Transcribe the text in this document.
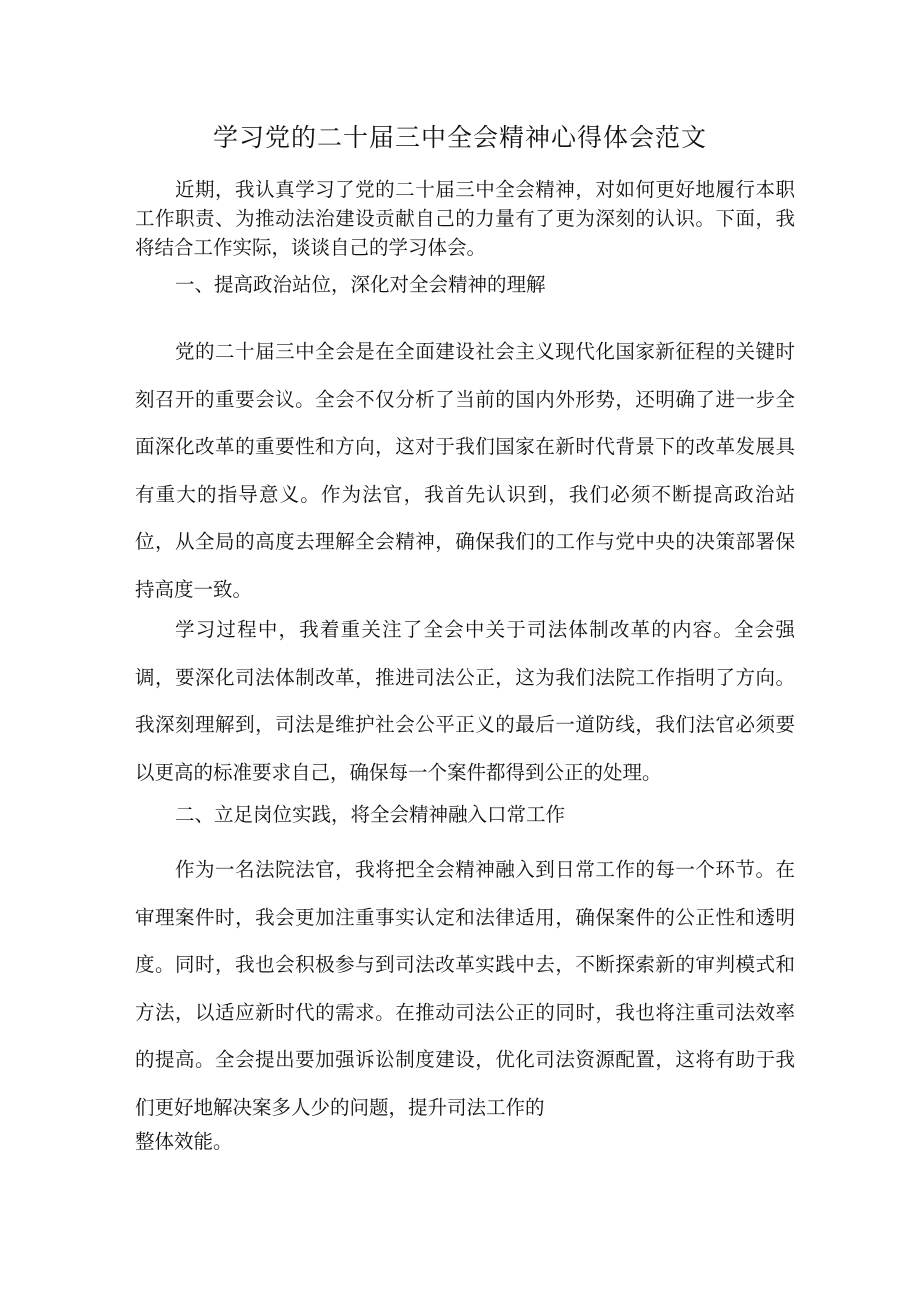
学习党的二十届三中全会精神心得体会范文

近期，我认真学习了党的二十届三中全会精神，对如何更好地履行本职工作职责、为推动法治建设贡献自己的力量有了更为深刻的认识。下面，我将结合工作实际，谈谈自己的学习体会。

一、提高政治站位，深化对全会精神的理解

党的二十届三中全会是在全面建设社会主义现代化国家新征程的关键时刻召开的重要会议。全会不仅分析了当前的国内外形势，还明确了进一步全面深化改革的重要性和方向，这对于我们国家在新时代背景下的改革发展具有重大的指导意义。作为法官，我首先认识到，我们必须不断提高政治站位，从全局的高度去理解全会精神，确保我们的工作与党中央的决策部署保持高度一致。

学习过程中，我着重关注了全会中关于司法体制改革的内容。全会强调，要深化司法体制改革，推进司法公正，这为我们法院工作指明了方向。我深刻理解到，司法是维护社会公平正义的最后一道防线，我们法官必须要以更高的标准要求自己，确保每一个案件都得到公正的处理。

二、立足岗位实践，将全会精神融入口常工作

作为一名法院法官，我将把全会精神融入到日常工作的每一个环节。在审理案件时，我会更加注重事实认定和法律适用，确保案件的公正性和透明度。同时，我也会积极参与到司法改革实践中去，不断探索新的审判模式和方法，以适应新时代的需求。在推动司法公正的同时，我也将注重司法效率的提高。全会提出要加强诉讼制度建设，优化司法资源配置，这将有助于我们更好地解决案多人少的问题，提升司法工作的

整体效能。
